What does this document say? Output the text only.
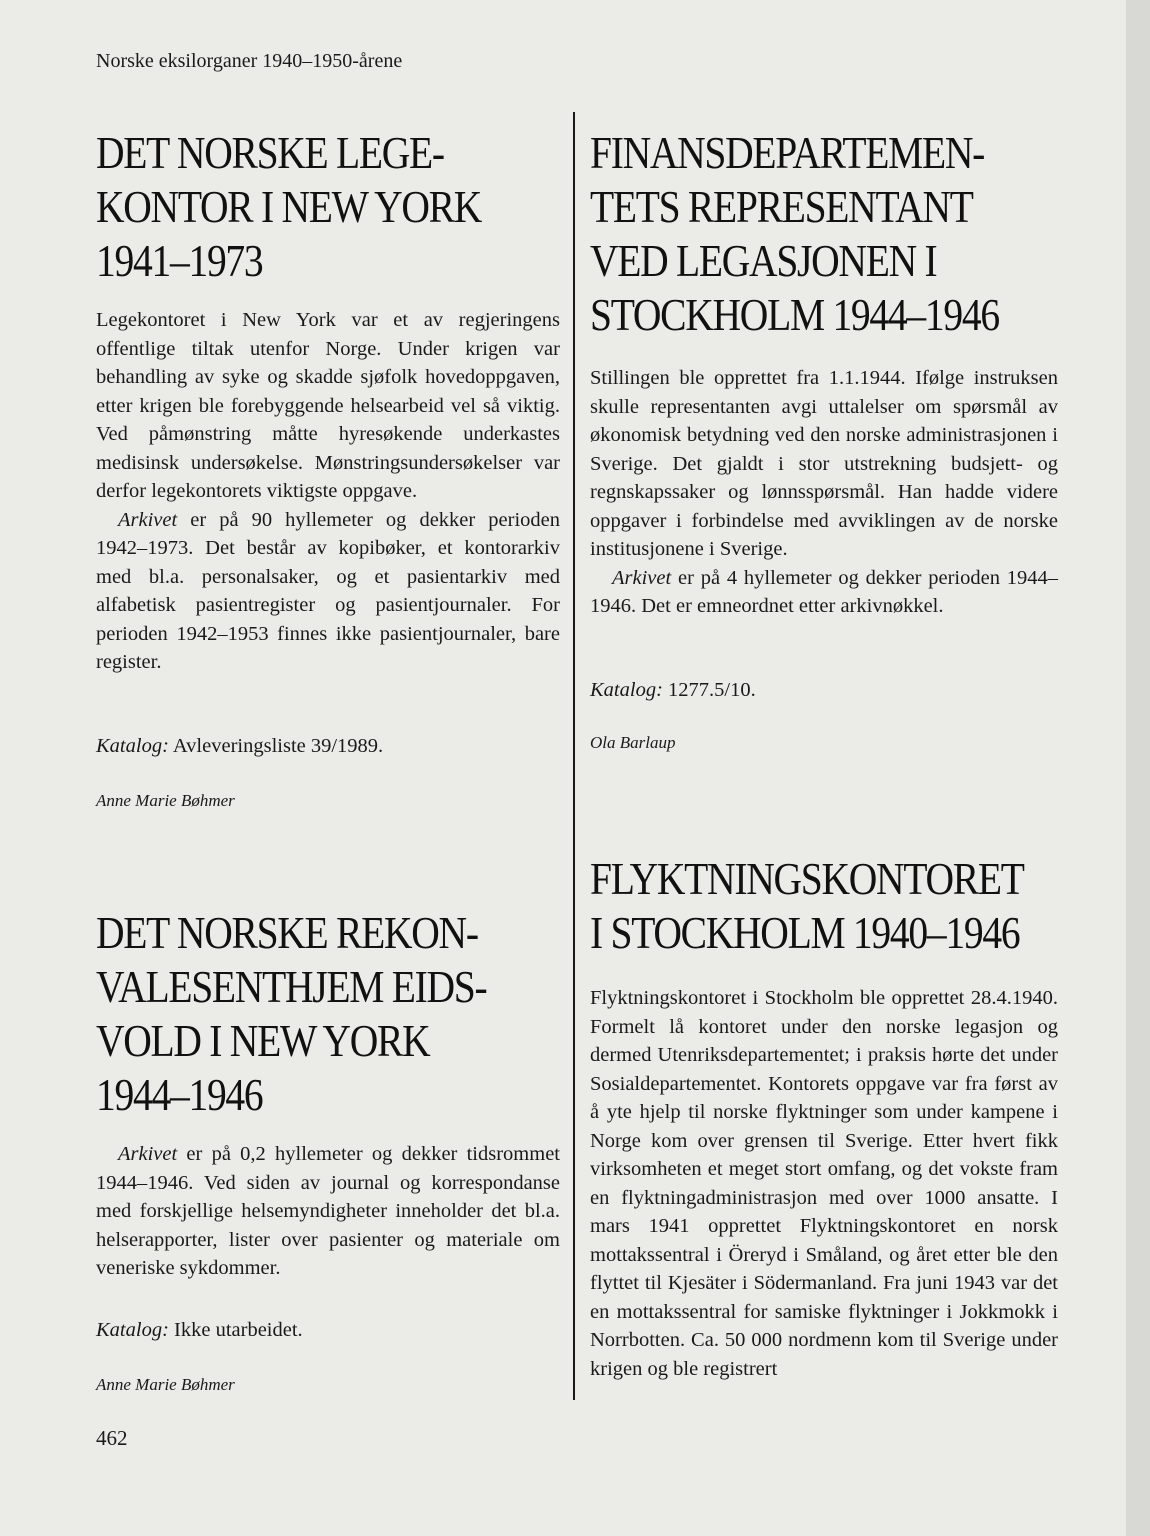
Norske eksilorganer 1940–1950-årene
DET NORSKE LEGE-
KONTOR I NEW YORK
1941–1973

Legekontoret i New York var et av regjeringens offentlige tiltak utenfor Norge. Under krigen var behandling av syke og skadde sjøfolk hovedoppgaven, etter krigen ble forebyggende helsearbeid vel så viktig. Ved påmønstring måtte hyresøkende underkastes medisinsk undersøkelse. Mønstringsundersøkelser var derfor legekontorets viktigste oppgave.

Arkivet er på 90 hyllemeter og dekker perioden 1942–1973. Det består av kopibøker, et kontorarkiv med bl.a. personalsaker, og et pasientarkiv med alfabetisk pasientregister og pasientjournaler. For perioden 1942–1953 finnes ikke pasientjournaler, bare register.

Katalog: Avleveringsliste 39/1989.

Anne Marie Bøhmer

DET NORSKE REKON-
VALESENTHJEM EIDS-
VOLD I NEW YORK
1944–1946

Arkivet er på 0,2 hyllemeter og dekker tidsrommet 1944–1946. Ved siden av journal og korrespondanse med forskjellige helsemyndigheter inneholder det bl.a. helserapporter, lister over pasienter og materiale om veneriske sykdommer.

Katalog: Ikke utarbeidet.

Anne Marie Bøhmer

FINANSDEPARTEMEN-
TETS REPRESENTANT
VED LEGASJONEN I
STOCKHOLM 1944–1946

Stillingen ble opprettet fra 1.1.1944. Ifølge instruksen skulle representanten avgi uttalelser om spørsmål av økonomisk betydning ved den norske administrasjonen i Sverige. Det gjaldt i stor utstrekning budsjett- og regnskapssaker og lønnsspørsmål. Han hadde videre oppgaver i forbindelse med avviklingen av de norske institusjonene i Sverige.

Arkivet er på 4 hyllemeter og dekker perioden 1944–1946. Det er emneordnet etter arkivnøkkel.

Katalog: 1277.5/10.

Ola Barlaup

FLYKTNINGSKONTORET
I STOCKHOLM 1940–1946

Flyktningskontoret i Stockholm ble opprettet 28.4.1940. Formelt lå kontoret under den norske legasjon og dermed Utenriksdepartementet; i praksis hørte det under Sosialdepartementet. Kontorets oppgave var fra først av å yte hjelp til norske flyktninger som under kampene i Norge kom over grensen til Sverige. Etter hvert fikk virksomheten et meget stort omfang, og det vokste fram en flyktningadministrasjon med over 1000 ansatte. I mars 1941 opprettet Flyktningskontoret en norsk mottakssentral i Öreryd i Småland, og året etter ble den flyttet til Kjesäter i Södermanland. Fra juni 1943 var det en mottakssentral for samiske flyktninger i Jokkmokk i Norrbotten. Ca. 50 000 nordmenn kom til Sverige under krigen og ble registrert

462
